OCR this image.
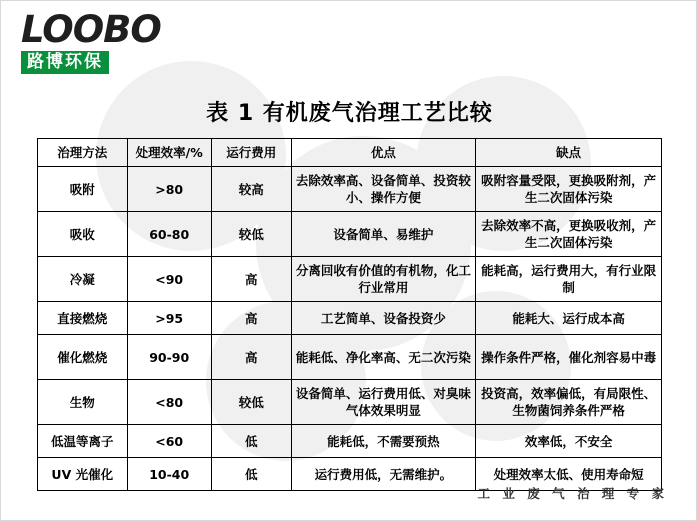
LOOBO
路博环保
表 1 有机废气治理工艺比较
治理方法	处理效率/%	运行费用	优点	缺点
吸附	>80	较高	去除效率高、设备简单、投资较小、操作方便	吸附容量受限，更换吸附剂，产生二次固体污染
吸收	60-80	较低	设备简单、易维护	去除效率不高，更换吸收剂，产生二次固体污染
冷凝	<90	高	分离回收有价值的有机物，化工行业常用	能耗高，运行费用大，有行业限制
直接燃烧	>95	高	工艺简单、设备投资少	能耗大、运行成本高
催化燃烧	90-90	高	能耗低、净化率高、无二次污染	操作条件严格，催化剂容易中毒
生物	<80	较低	设备简单、运行费用低、对臭味气体效果明显	投资高，效率偏低，有局限性、生物菌饲养条件严格
低温等离子	<60	低	能耗低，不需要预热	效率低，不安全
UV 光催化	10-40	低	运行费用低，无需维护。	处理效率太低、使用寿命短
工 业 废 气 治 理 专 家
